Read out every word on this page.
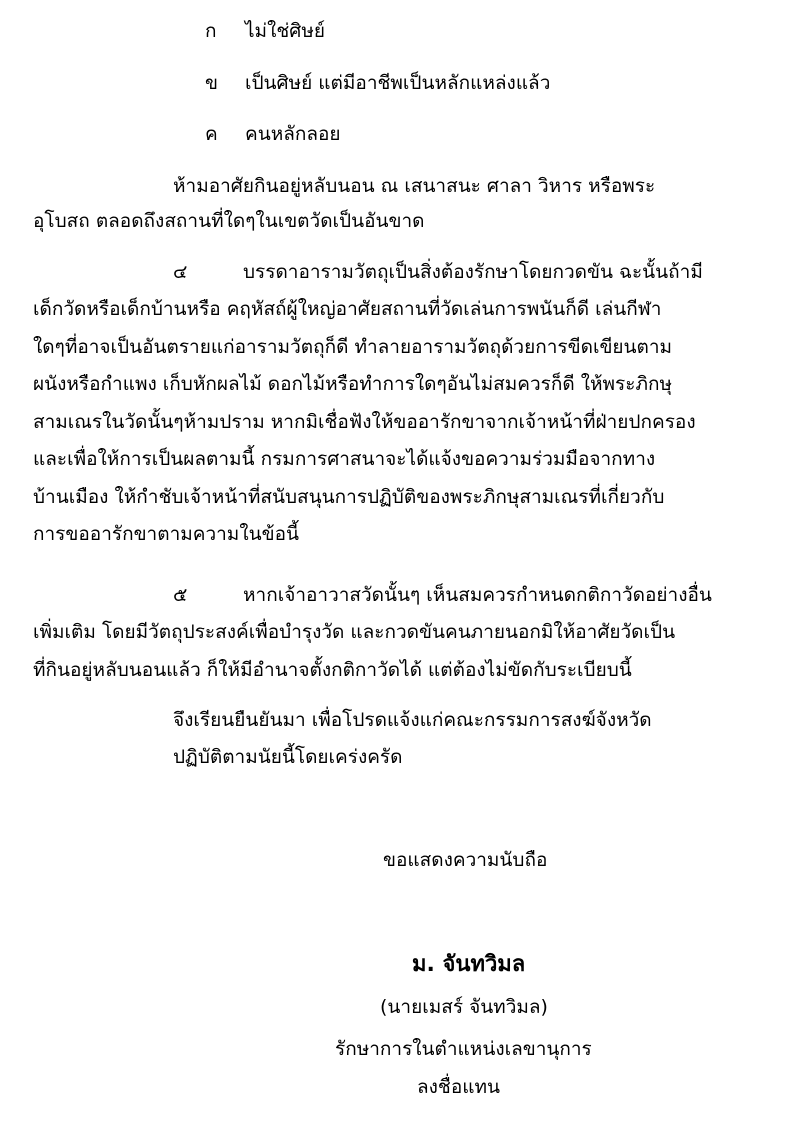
ก ไม่ใช่ศิษย์
ข เป็นศิษย์ แต่มีอาชีพเป็นหลักแหล่งแล้ว
ค คนหลักลอย
ห้ามอาศัยกินอยู่หลับนอน ณ เสนาสนะ ศาลา วิหาร หรือพระ
อุโบสถ ตลอดถึงสถานที่ใดๆในเขตวัดเป็นอันขาด
๔	บรรดาอารามวัตถุเป็นสิ่งต้องรักษาโดยกวดขัน ฉะนั้นถ้ามี
เด็กวัดหรือเด็กบ้านหรือ คฤหัสถ์ผู้ใหญ่อาศัยสถานที่วัดเล่นการพนันก็ดี เล่นกีฬา
ใดๆที่อาจเป็นอันตรายแก่อารามวัตถุก็ดี ทำลายอารามวัตถุด้วยการขีดเขียนตาม
ผนังหรือกำแพง เก็บหักผลไม้ ดอกไม้หรือทำการใดๆอันไม่สมควรก็ดี ให้พระภิกษุ
สามเณรในวัดนั้นๆห้ามปราม หากมิเชื่อฟังให้ขออารักขาจากเจ้าหน้าที่ฝ่ายปกครอง
และเพื่อให้การเป็นผลตามนี้ กรมการศาสนาจะได้แจ้งขอความร่วมมือจากทาง
บ้านเมือง ให้กำชับเจ้าหน้าที่สนับสนุนการปฏิบัติของพระภิกษุสามเณรที่เกี่ยวกับ
การขออารักขาตามความในข้อนี้
๕	หากเจ้าอาวาสวัดนั้นๆ เห็นสมควรกำหนดกติกาวัดอย่างอื่น
เพิ่มเติม โดยมีวัตถุประสงค์เพื่อบำรุงวัด และกวดขันคนภายนอกมิให้อาศัยวัดเป็น
ที่กินอยู่หลับนอนแล้ว ก็ให้มีอำนาจตั้งกติกาวัดได้ แต่ต้องไม่ขัดกับระเบียบนี้
จึงเรียนยืนยันมา เพื่อโปรดแจ้งแก่คณะกรรมการสงฆ์จังหวัด
ปฏิบัติตามนัยนี้โดยเคร่งครัด
ขอแสดงความนับถือ
ม. จันทวิมล
(นายเมสร์ จันทวิมล)
รักษาการในตำแหน่งเลขานุการ
ลงชื่อแทน
